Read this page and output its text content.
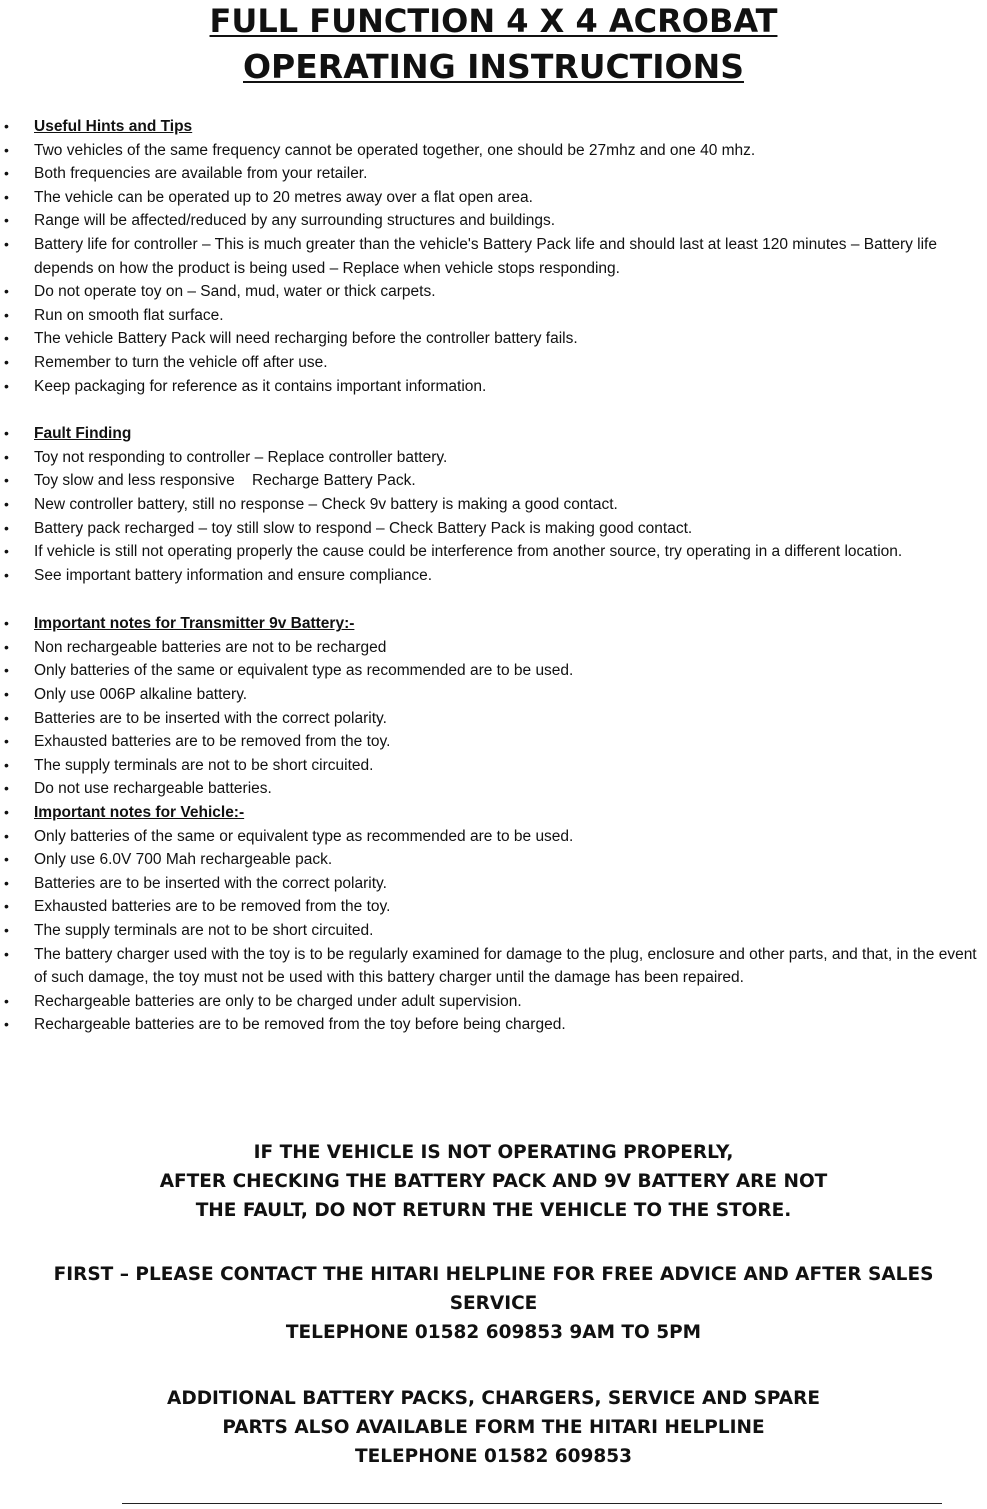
FULL FUNCTION 4 X 4 ACROBAT
OPERATING INSTRUCTIONS
• Useful Hints and Tips
• Two vehicles of the same frequency cannot be operated together, one should be 27mhz and one 40 mhz.
• Both frequencies are available from your retailer.
• The vehicle can be operated up to 20 metres away over a flat open area.
• Range will be affected/reduced by any surrounding structures and buildings.
• Battery life for controller – This is much greater than the vehicle's Battery Pack life and should last at least 120 minutes – Battery life depends on how the product is being used – Replace when vehicle stops responding.
• Do not operate toy on – Sand, mud, water or thick carpets.
• Run on smooth flat surface.
• The vehicle Battery Pack will need recharging before the controller battery fails.
• Remember to turn the vehicle off after use.
• Keep packaging for reference as it contains important information.
• Fault Finding
• Toy not responding to controller – Replace controller battery.
• Toy slow and less responsive    Recharge Battery Pack.
• New controller battery, still no response – Check 9v battery is making a good contact.
• Battery pack recharged – toy still slow to respond – Check Battery Pack is making good contact.
• If vehicle is still not operating properly the cause could be interference from another source, try operating in a different location.
• See important battery information and ensure compliance.
• Important notes for Transmitter 9v Battery:-
• Non rechargeable batteries are not to be recharged
• Only batteries of the same or equivalent type as recommended are to be used.
• Only use 006P alkaline battery.
• Batteries are to be inserted with the correct polarity.
• Exhausted batteries are to be removed from the toy.
• The supply terminals are not to be short circuited.
• Do not use rechargeable batteries.
• Important notes for Vehicle:-
• Only batteries of the same or equivalent type as recommended are to be used.
• Only use 6.0V 700 Mah rechargeable pack.
• Batteries are to be inserted with the correct polarity.
• Exhausted batteries are to be removed from the toy.
• The supply terminals are not to be short circuited.
• The battery charger used with the toy is to be regularly examined for damage to the plug, enclosure and other parts, and that, in the event of such damage, the toy must not be used with this battery charger until the damage has been repaired.
• Rechargeable batteries are only to be charged under adult supervision.
• Rechargeable batteries are to be removed from the toy before being charged.
IF THE VEHICLE IS NOT OPERATING PROPERLY,
AFTER CHECKING THE BATTERY PACK AND 9V BATTERY ARE NOT
THE FAULT, DO NOT RETURN THE VEHICLE TO THE STORE.
FIRST – PLEASE CONTACT THE HITARI HELPLINE FOR FREE ADVICE AND AFTER SALES
SERVICE
TELEPHONE 01582 609853 9AM TO 5PM
ADDITIONAL BATTERY PACKS, CHARGERS, SERVICE AND SPARE
PARTS ALSO AVAILABLE FORM THE HITARI HELPLINE
TELEPHONE 01582 609853
